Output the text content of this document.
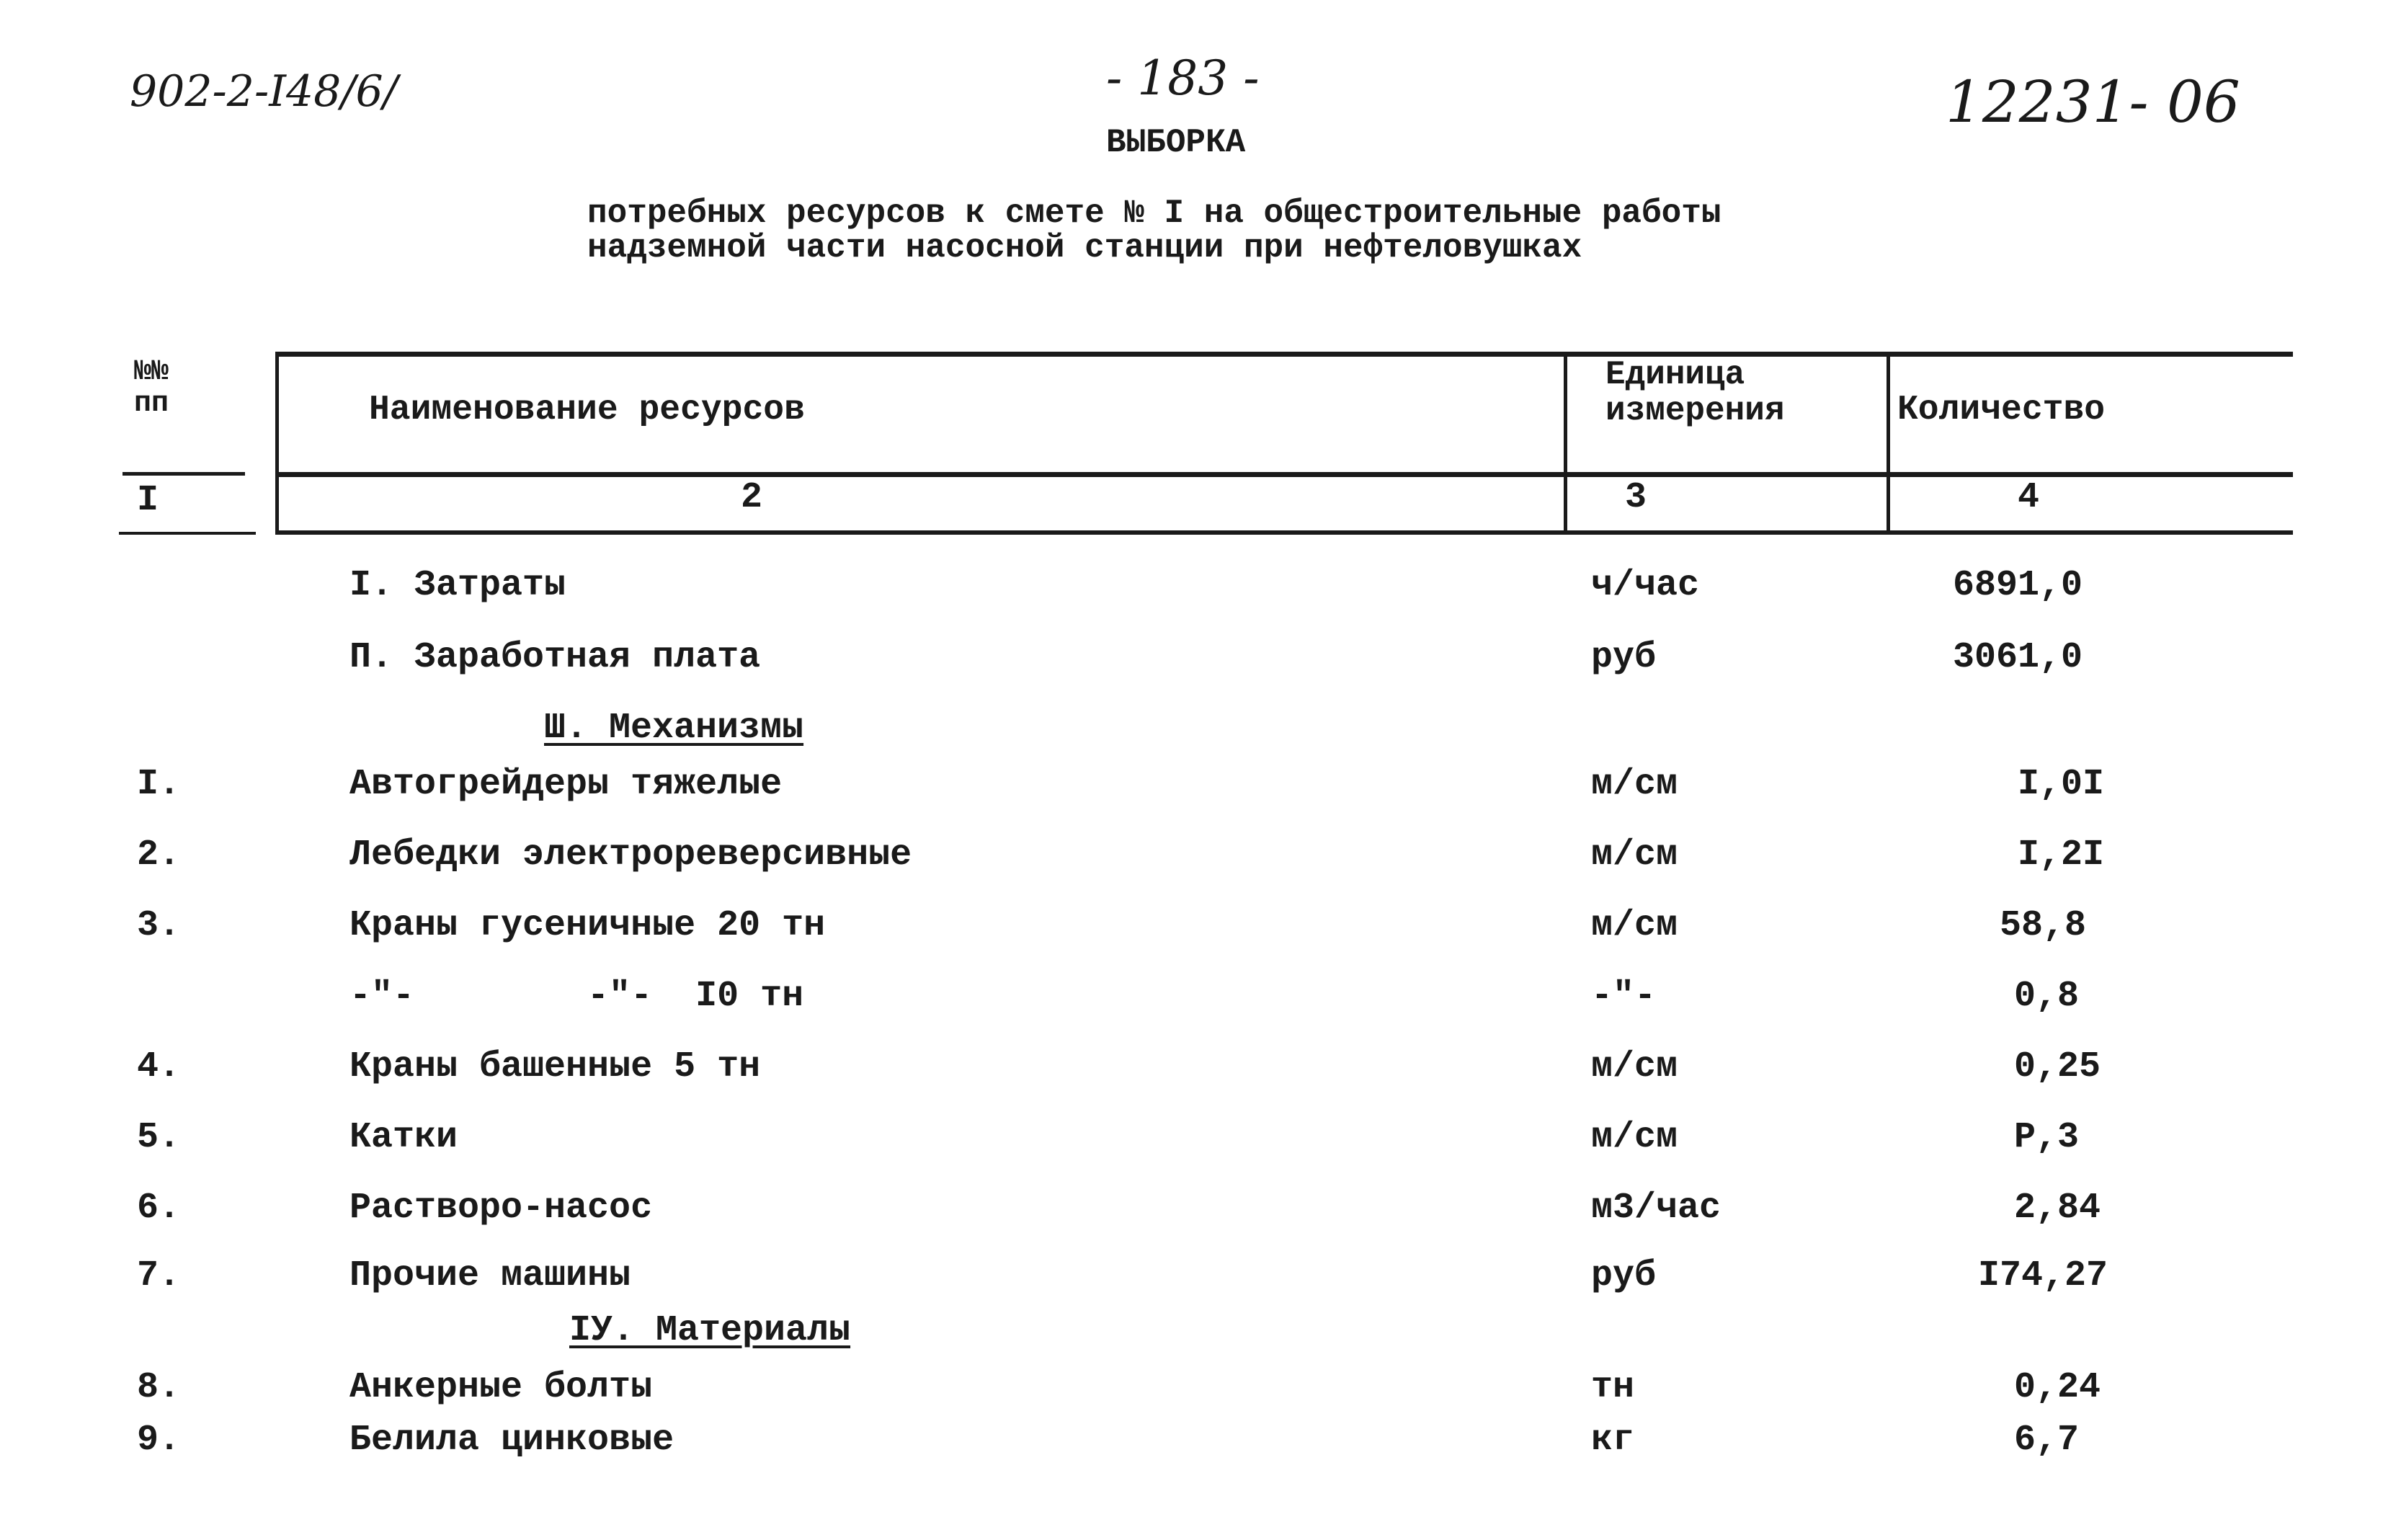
902-2-I48/6/	- 183 -	12231- 06
ВЫБОРКА
потребных ресурсов к смете № I на общестроительные работы
надземной части насосной станции при нефтеловушках
№№
пп	Наименование ресурсов
Единица
измерения	Количество
I	2	3	4
I. Затраты	ч/час	6891,0
П. Заработная плата	руб	3061,0
Ш. Механизмы
I.	Автогрейдеры тяжелые	м/см	I,0I
2.	Лебедки электрореверсивные	м/см	I,2I
3.	Краны гусеничные 20 тн	м/см	58,8
-"-        -"-  I0 тн	-"-	0,8
4.	Краны башенные 5 тн	м/см	0,25
5.	Катки	м/см	Р,3
6.	Растворо-насос	м3/час	2,84
7.	Прочие машины	руб	I74,27
IУ. Материалы
8.	Анкерные болты	тн	0,24
9.	Белила цинковые	кг	6,7
